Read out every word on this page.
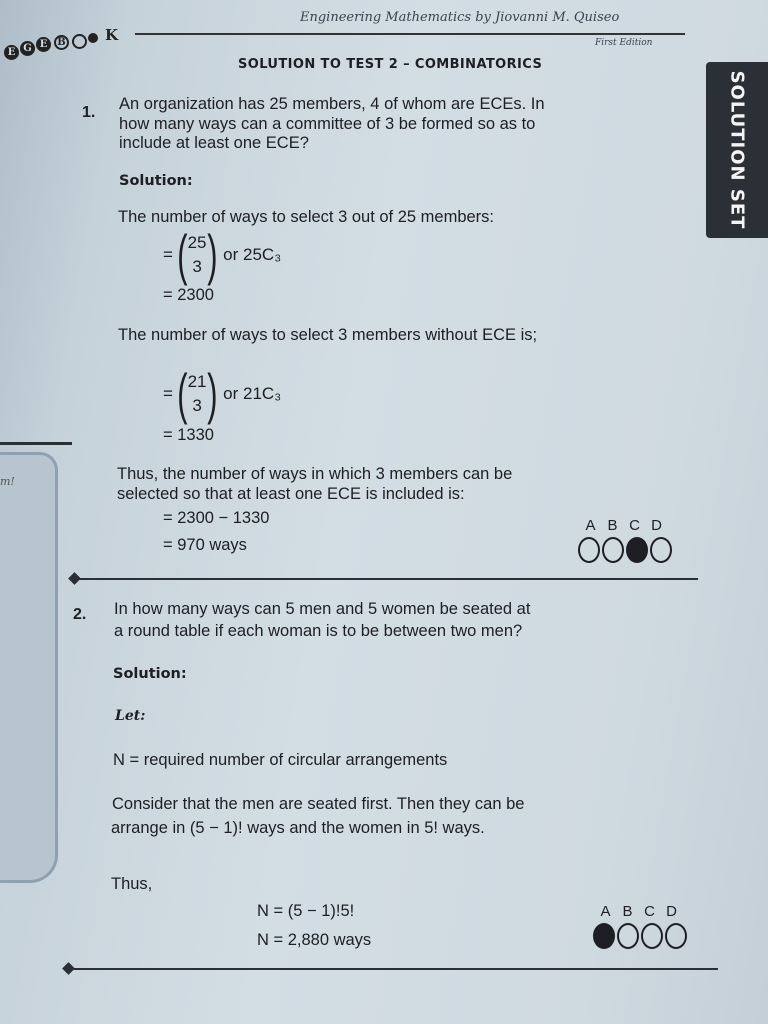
m!
E G E B	K
Engineering Mathematics by Jiovanni M. Quiseo
First Edition
SOLUTION TO TEST 2 – COMBINATORICS
SOLUTION SET
1. An organization has 25 members, 4 of whom are ECEs. In
how many ways can a committee of 3 be formed so as to
include at least one ECE?
Solution:
The number of ways to select 3 out of 25 members:
= ( 25
3 ) or 25C₃
= 2300
The number of ways to select 3 members without ECE is;
= ( 21
3 ) or 21C₃
= 1330
Thus, the number of ways in which 3 members can be
selected so that at least one ECE is included is:
= 2300 − 1330
= 970 ways
A B C D
2. In how many ways can 5 men and 5 women be seated at
a round table if each woman is to be between two men?
Solution:
Let:
N = required number of circular arrangements
Consider that the men are seated first. Then they can be
arrange in (5 − 1)! ways and the women in 5! ways.
Thus,
N = (5 − 1)!5!
N = 2,880 ways
A B C D
